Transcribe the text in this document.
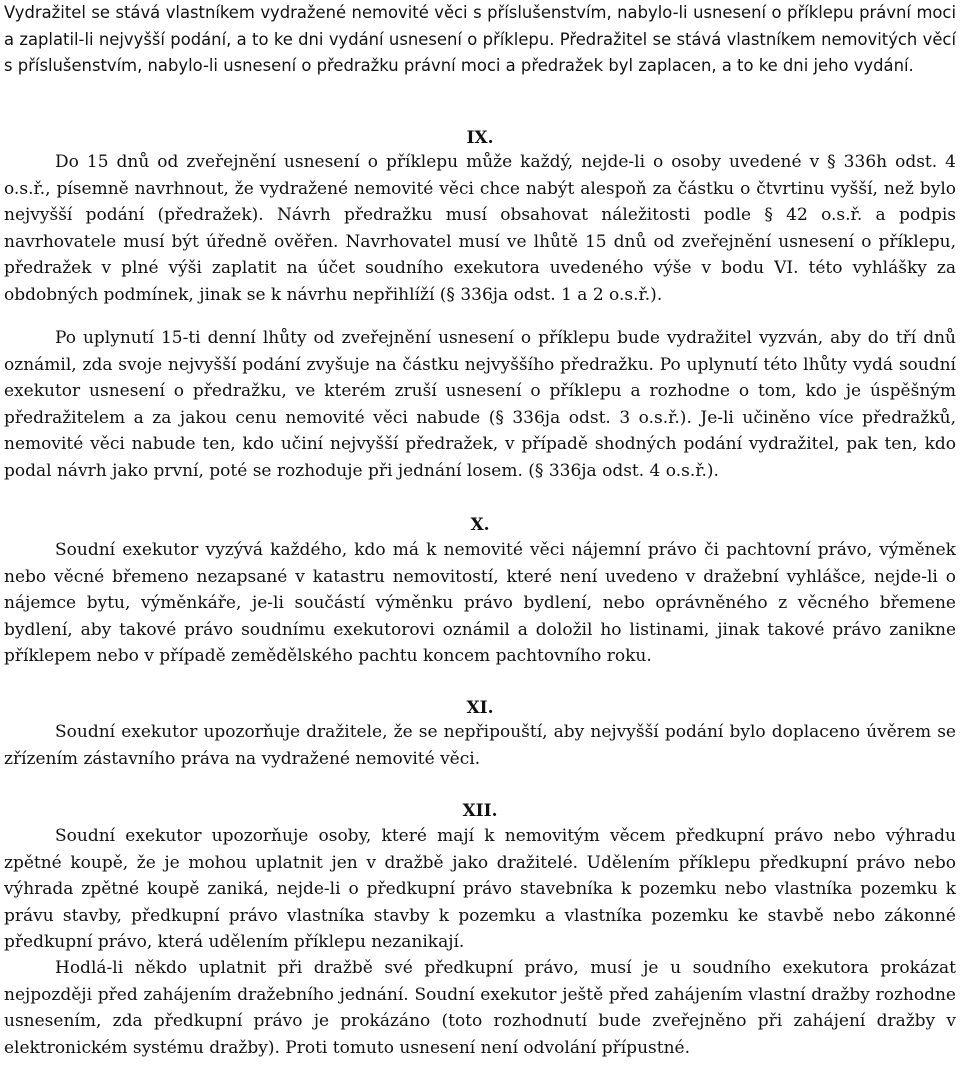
Vydražitel se stává vlastníkem vydražené nemovité věci s příslušenstvím, nabylo-li usnesení o příklepu právní moci a zaplatil-li nejvyšší podání, a to ke dni vydání usnesení o příklepu. Předražitel se stává vlastníkem nemovitých věcí s příslušenstvím, nabylo-li usnesení o předražku právní moci a předražek byl zaplacen, a to ke dni jeho vydání.

IX.

Do 15 dnů od zveřejnění usnesení o příklepu může každý, nejde-li o osoby uvedené v § 336h odst. 4 o.s.ř., písemně navrhnout, že vydražené nemovité věci chce nabýt alespoň za částku o čtvrtinu vyšší, než bylo nejvyšší podání (předražek). Návrh předražku musí obsahovat náležitosti podle § 42 o.s.ř. a podpis navrhovatele musí být úředně ověřen. Navrhovatel musí ve lhůtě 15 dnů od zveřejnění usnesení o příklepu, předražek v plné výši zaplatit na účet soudního exekutora uvedeného výše v bodu VI. této vyhlášky za obdobných podmínek, jinak se k návrhu nepřihlíží (§ 336ja odst. 1 a 2 o.s.ř.).

Po uplynutí 15-ti denní lhůty od zveřejnění usnesení o příklepu bude vydražitel vyzván, aby do tří dnů oznámil, zda svoje nejvyšší podání zvyšuje na částku nejvyššího předražku. Po uplynutí této lhůty vydá soudní exekutor usnesení o předražku, ve kterém zruší usnesení o příklepu a rozhodne o tom, kdo je úspěšným předražitelem a za jakou cenu nemovité věci nabude (§ 336ja odst. 3 o.s.ř.). Je-li učiněno více předražků, nemovité věci nabude ten, kdo učiní nejvyšší předražek, v případě shodných podání vydražitel, pak ten, kdo podal návrh jako první, poté se rozhoduje při jednání losem. (§ 336ja odst. 4 o.s.ř.).

X.

Soudní exekutor vyzývá každého, kdo má k nemovité věci nájemní právo či pachtovní právo, výměnek nebo věcné břemeno nezapsané v katastru nemovitostí, které není uvedeno v dražební vyhlášce, nejde-li o nájemce bytu, výměnkáře, je-li součástí výměnku právo bydlení, nebo oprávněného z věcného břemene bydlení, aby takové právo soudnímu exekutorovi oznámil a doložil ho listinami, jinak takové právo zanikne příklepem nebo v případě zemědělského pachtu koncem pachtovního roku.

XI.

Soudní exekutor upozorňuje dražitele, že se nepřipouští, aby nejvyšší podání bylo doplaceno úvěrem se zřízením zástavního práva na vydražené nemovité věci.

XII.

Soudní exekutor upozorňuje osoby, které mají k nemovitým věcem předkupní právo nebo výhradu zpětné koupě, že je mohou uplatnit jen v dražbě jako dražitelé. Udělením příklepu předkupní právo nebo výhrada zpětné koupě zaniká, nejde-li o předkupní právo stavebníka k pozemku nebo vlastníka pozemku k právu stavby, předkupní právo vlastníka stavby k pozemku a vlastníka pozemku ke stavbě nebo zákonné předkupní právo, která udělením příklepu nezanikají.

Hodlá-li někdo uplatnit při dražbě své předkupní právo, musí je u soudního exekutora prokázat nejpozději před zahájením dražebního jednání. Soudní exekutor ještě před zahájením vlastní dražby rozhodne usnesením, zda předkupní právo je prokázáno (toto rozhodnutí bude zveřejněno při zahájení dražby v elektronickém systému dražby). Proti tomuto usnesení není odvolání přípustné.
